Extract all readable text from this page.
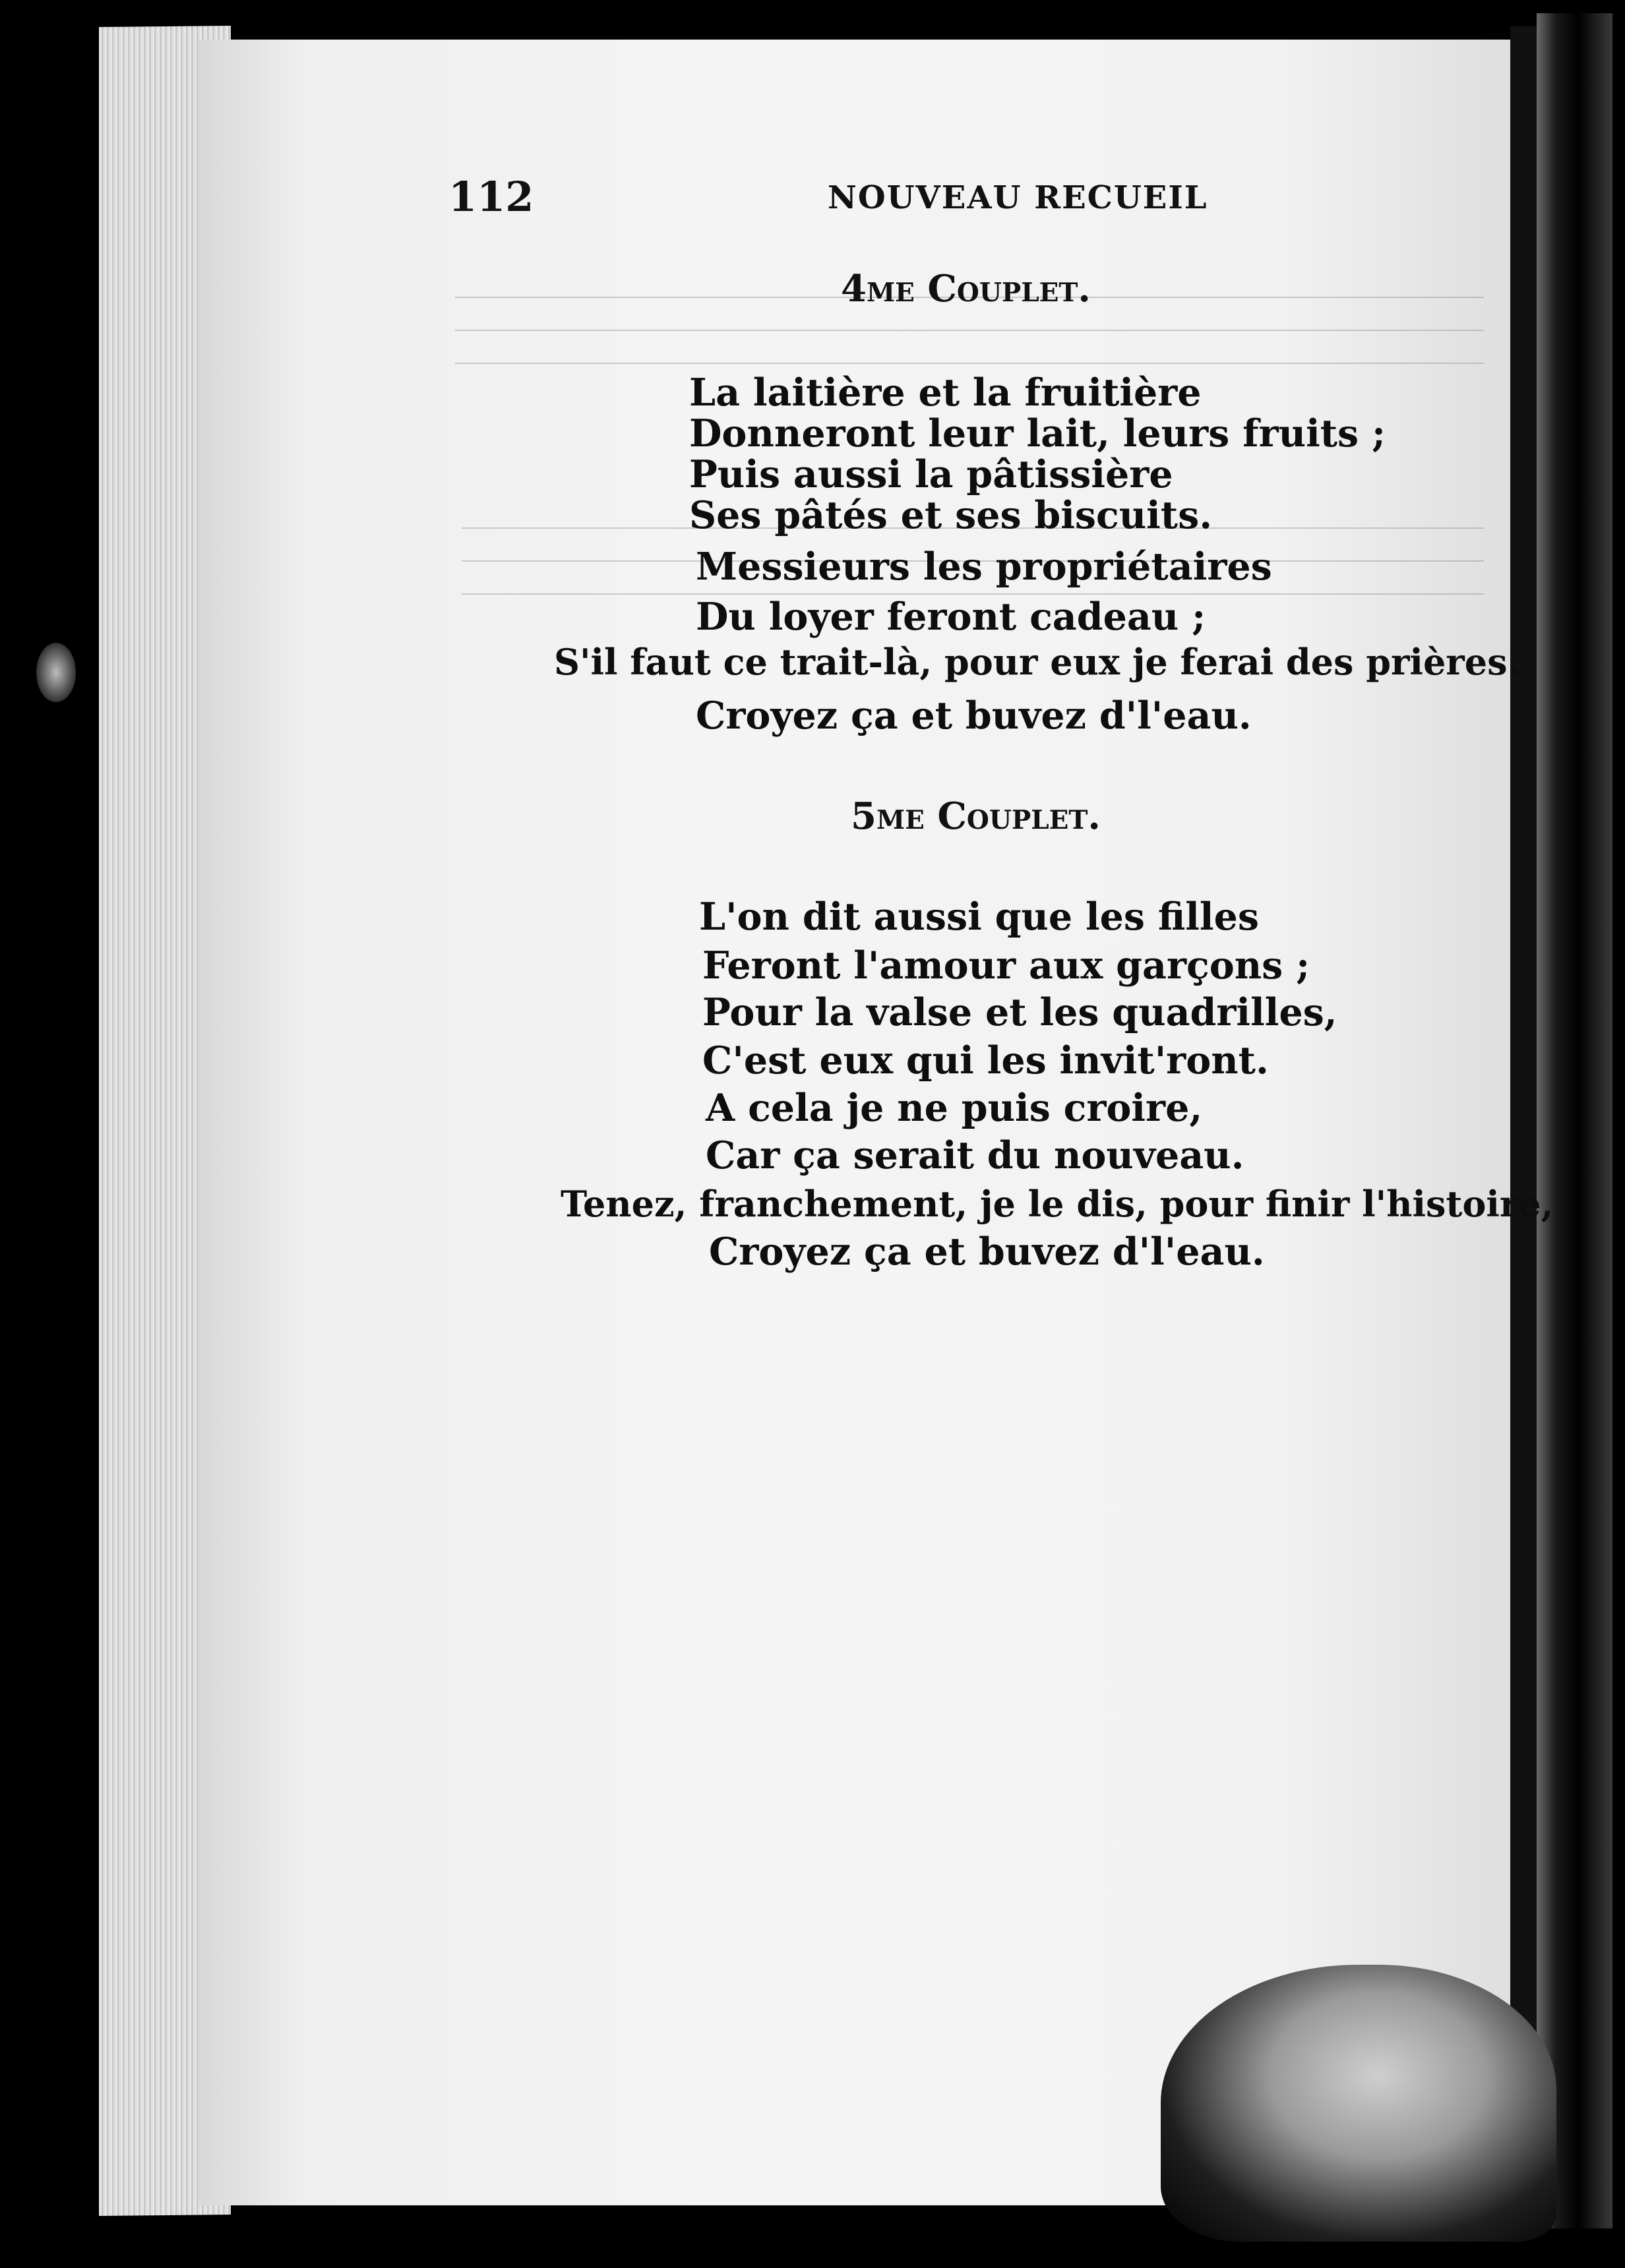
112	NOUVEAU RECUEIL
4me Couplet.
La laitière et la fruitière
Donneront leur lait, leurs fruits ;
Puis aussi la pâtissière
Ses pâtés et ses biscuits.
Messieurs les propriétaires
Du loyer feront cadeau ;
S'il faut ce trait-là, pour eux je ferai des prières.
Croyez ça et buvez d'l'eau.
5me Couplet.
L'on dit aussi que les filles
Feront l'amour aux garçons ;
Pour la valse et les quadrilles,
C'est eux qui les invit'ront.
A cela je ne puis croire,
Car ça serait du nouveau.
Tenez, franchement, je le dis, pour finir l'histoire,
Croyez ça et buvez d'l'eau.
